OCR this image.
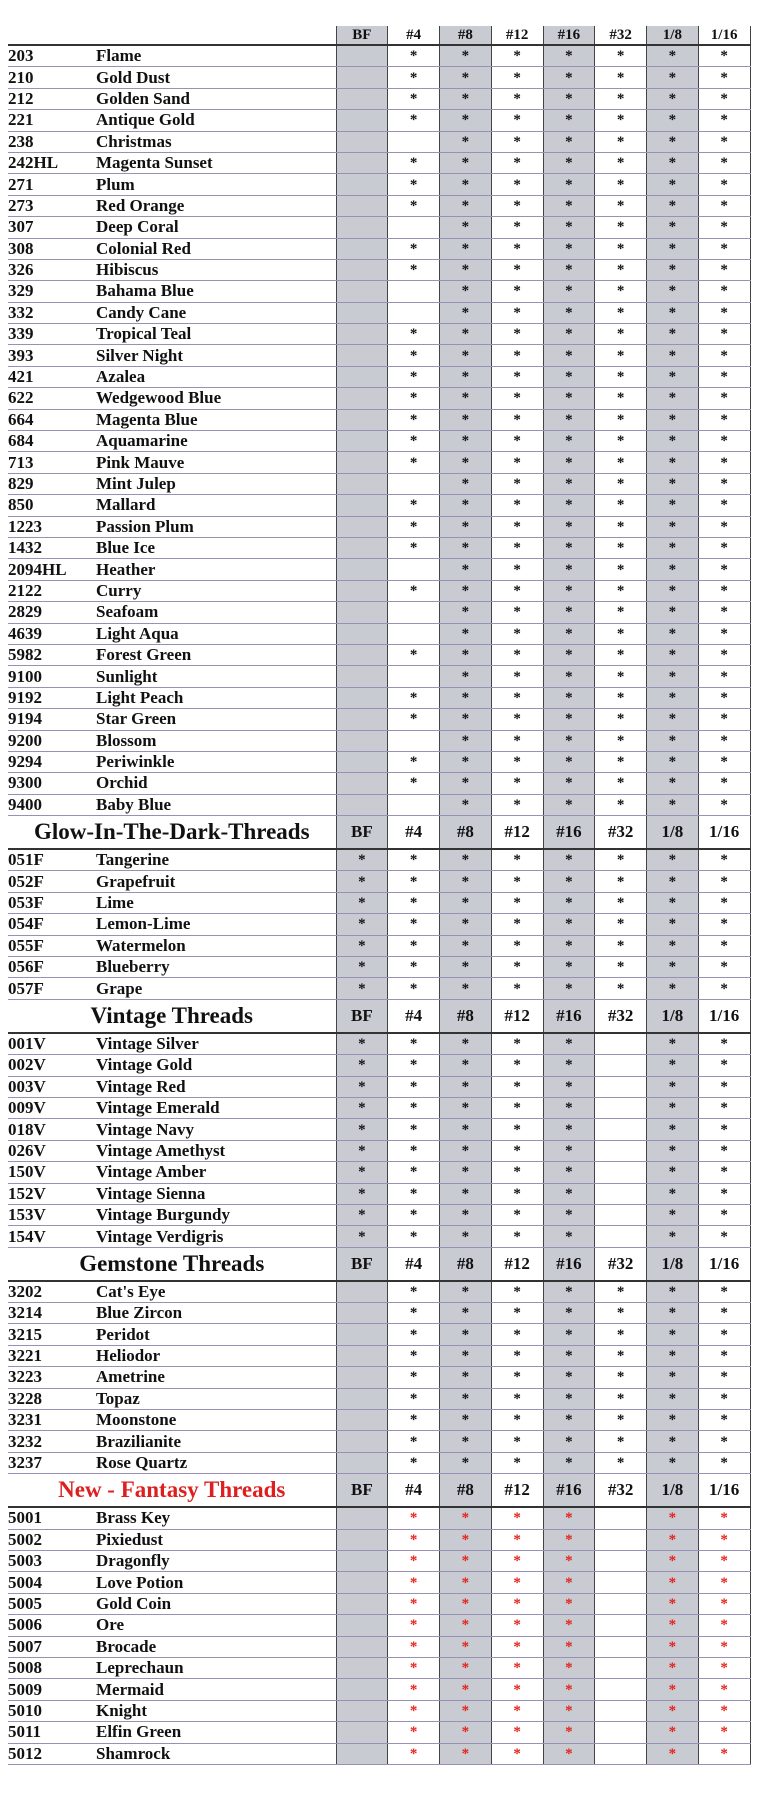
		BF	#4	#8	#12	#16	#32	1/8	1/16
203	Flame		*	*	*	*	*	*	*
210	Gold Dust		*	*	*	*	*	*	*
212	Golden Sand		*	*	*	*	*	*	*
221	Antique Gold		*	*	*	*	*	*	*
238	Christmas			*	*	*	*	*	*
242HL	Magenta Sunset		*	*	*	*	*	*	*
271	Plum		*	*	*	*	*	*	*
273	Red Orange		*	*	*	*	*	*	*
307	Deep Coral			*	*	*	*	*	*
308	Colonial Red		*	*	*	*	*	*	*
326	Hibiscus		*	*	*	*	*	*	*
329	Bahama Blue			*	*	*	*	*	*
332	Candy Cane			*	*	*	*	*	*
339	Tropical Teal		*	*	*	*	*	*	*
393	Silver Night		*	*	*	*	*	*	*
421	Azalea		*	*	*	*	*	*	*
622	Wedgewood Blue		*	*	*	*	*	*	*
664	Magenta Blue		*	*	*	*	*	*	*
684	Aquamarine		*	*	*	*	*	*	*
713	Pink Mauve		*	*	*	*	*	*	*
829	Mint Julep			*	*	*	*	*	*
850	Mallard		*	*	*	*	*	*	*
1223	Passion Plum		*	*	*	*	*	*	*
1432	Blue Ice		*	*	*	*	*	*	*
2094HL	Heather			*	*	*	*	*	*
2122	Curry		*	*	*	*	*	*	*
2829	Seafoam			*	*	*	*	*	*
4639	Light Aqua			*	*	*	*	*	*
5982	Forest Green		*	*	*	*	*	*	*
9100	Sunlight			*	*	*	*	*	*
9192	Light Peach		*	*	*	*	*	*	*
9194	Star Green		*	*	*	*	*	*	*
9200	Blossom			*	*	*	*	*	*
9294	Periwinkle		*	*	*	*	*	*	*
9300	Orchid		*	*	*	*	*	*	*
9400	Baby Blue			*	*	*	*	*	*
Glow-In-The-Dark-Threads		BF	#4	#8	#12	#16	#32	1/8	1/16
051F	Tangerine	*	*	*	*	*	*	*	*
052F	Grapefruit	*	*	*	*	*	*	*	*
053F	Lime	*	*	*	*	*	*	*	*
054F	Lemon-Lime	*	*	*	*	*	*	*	*
055F	Watermelon	*	*	*	*	*	*	*	*
056F	Blueberry	*	*	*	*	*	*	*	*
057F	Grape	*	*	*	*	*	*	*	*
Vintage Threads		BF	#4	#8	#12	#16	#32	1/8	1/16
001V	Vintage Silver	*	*	*	*	*		*	*
002V	Vintage Gold	*	*	*	*	*		*	*
003V	Vintage Red	*	*	*	*	*		*	*
009V	Vintage Emerald	*	*	*	*	*		*	*
018V	Vintage Navy	*	*	*	*	*		*	*
026V	Vintage Amethyst	*	*	*	*	*		*	*
150V	Vintage Amber	*	*	*	*	*		*	*
152V	Vintage Sienna	*	*	*	*	*		*	*
153V	Vintage Burgundy	*	*	*	*	*		*	*
154V	Vintage Verdigris	*	*	*	*	*		*	*
Gemstone Threads		BF	#4	#8	#12	#16	#32	1/8	1/16
3202	Cat's Eye		*	*	*	*	*	*	*
3214	Blue Zircon		*	*	*	*	*	*	*
3215	Peridot		*	*	*	*	*	*	*
3221	Heliodor		*	*	*	*	*	*	*
3223	Ametrine		*	*	*	*	*	*	*
3228	Topaz		*	*	*	*	*	*	*
3231	Moonstone		*	*	*	*	*	*	*
3232	Brazilianite		*	*	*	*	*	*	*
3237	Rose Quartz		*	*	*	*	*	*	*
New - Fantasy Threads		BF	#4	#8	#12	#16	#32	1/8	1/16
5001	Brass Key		*	*	*	*		*	*
5002	Pixiedust		*	*	*	*		*	*
5003	Dragonfly		*	*	*	*		*	*
5004	Love Potion		*	*	*	*		*	*
5005	Gold Coin		*	*	*	*		*	*
5006	Ore		*	*	*	*		*	*
5007	Brocade		*	*	*	*		*	*
5008	Leprechaun		*	*	*	*		*	*
5009	Mermaid		*	*	*	*		*	*
5010	Knight		*	*	*	*		*	*
5011	Elfin Green		*	*	*	*		*	*
5012	Shamrock		*	*	*	*		*	*
